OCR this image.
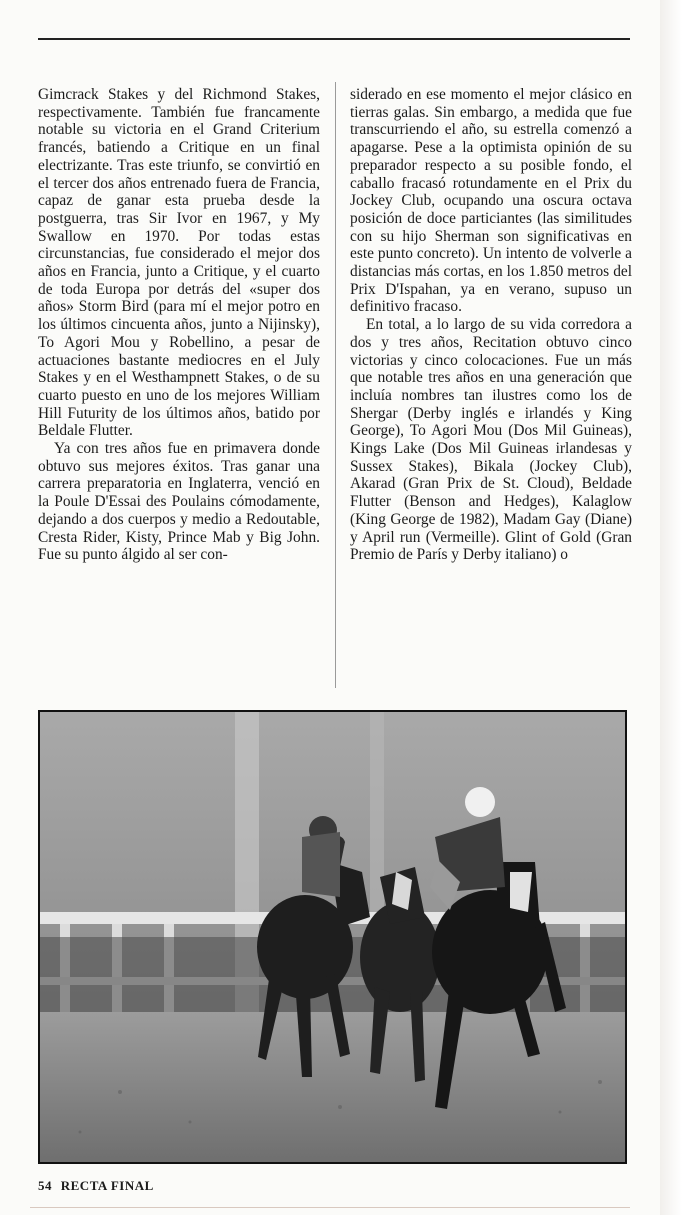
Gimcrack Stakes y del Richmond Stakes, respectivamente. También fue francamente notable su victoria en el Grand Criterium francés, batiendo a Critique en un final electrizante. Tras este triunfo, se convirtió en el tercer dos años entrenado fuera de Francia, capaz de ganar esta prueba desde la postguerra, tras Sir Ivor en 1967, y My Swallow en 1970. Por todas estas circunstancias, fue considerado el mejor dos años en Francia, junto a Critique, y el cuarto de toda Europa por detrás del «super dos años» Storm Bird (para mí el mejor potro en los últimos cincuenta años, junto a Nijinsky), To Agori Mou y Robellino, a pesar de actuaciones bastante mediocres en el July Stakes y en el Westhampnett Stakes, o de su cuarto puesto en uno de los mejores William Hill Futurity de los últimos años, batido por Beldale Flutter.

Ya con tres años fue en primavera donde obtuvo sus mejores éxitos. Tras ganar una carrera preparatoria en Inglaterra, venció en la Poule D'Essai des Poulains cómodamente, dejando a dos cuerpos y medio a Redoutable, Cresta Rider, Kisty, Prince Mab y Big John. Fue su punto álgido al ser con-

siderado en ese momento el mejor clásico en tierras galas. Sin embargo, a medida que fue transcurriendo el año, su estrella comenzó a apagarse. Pese a la optimista opinión de su preparador respecto a su posible fondo, el caballo fracasó rotundamente en el Prix du Jockey Club, ocupando una oscura octava posición de doce particiantes (las similitudes con su hijo Sherman son significativas en este punto concreto). Un intento de volverle a distancias más cortas, en los 1.850 metros del Prix D'Ispahan, ya en verano, supuso un definitivo fracaso.

En total, a lo largo de su vida corredora a dos y tres años, Recitation obtuvo cinco victorias y cinco colocaciones. Fue un más que notable tres años en una generación que incluía nombres tan ilustres como los de Shergar (Derby inglés e irlandés y King George), To Agori Mou (Dos Mil Guineas), Kings Lake (Dos Mil Guineas irlandesas y Sussex Stakes), Bikala (Jockey Club), Akarad (Gran Prix de St. Cloud), Beldade Flutter (Benson and Hedges), Kalaglow (King George de 1982), Madam Gay (Diane) y April run (Vermeille). Glint of Gold (Gran Premio de París y Derby italiano) o

54 RECTA FINAL
